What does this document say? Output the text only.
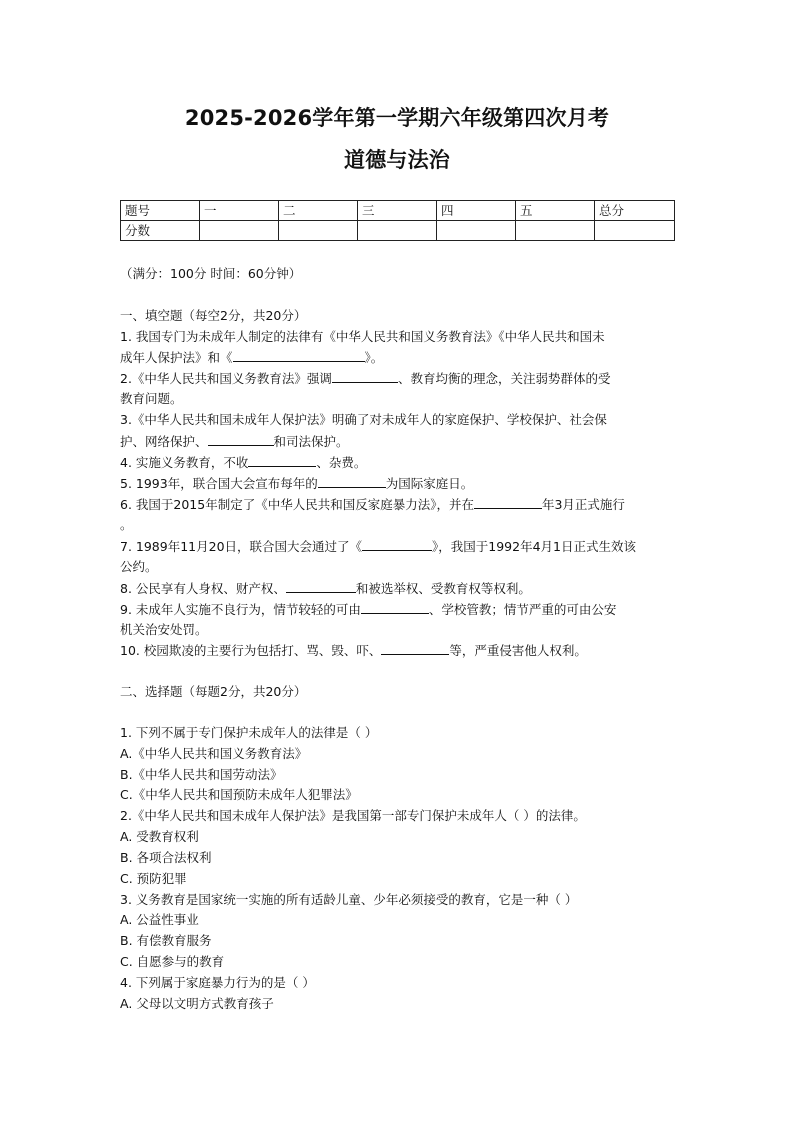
2025-2026学年第一学期六年级第四次月考
道德与法治
题号	一	二	三	四	五	总分
分数						
（满分：100分 时间：60分钟）
一、填空题（每空2分，共20分）
1. 我国专门为未成年人制定的法律有《中华人民共和国义务教育法》《中华人民共和国未
成年人保护法》和《	》。
2.《中华人民共和国义务教育法》强调	、教育均衡的理念，关注弱势群体的受
教育问题。
3.《中华人民共和国未成年人保护法》明确了对未成年人的家庭保护、学校保护、社会保
护、网络保护、	和司法保护。
4. 实施义务教育，不收	、杂费。
5. 1993年，联合国大会宣布每年的	为国际家庭日。
6. 我国于2015年制定了《中华人民共和国反家庭暴力法》，并在	年3月正式施行
。
7. 1989年11月20日，联合国大会通过了《	》，我国于1992年4月1日正式生效该
公约。
8. 公民享有人身权、财产权、	和被选举权、受教育权等权利。
9. 未成年人实施不良行为，情节较轻的可由	、学校管教；情节严重的可由公安
机关治安处罚。
10. 校园欺凌的主要行为包括打、骂、毁、吓、	等，严重侵害他人权利。
二、选择题（每题2分，共20分）
1. 下列不属于专门保护未成年人的法律是（ ）
A.《中华人民共和国义务教育法》
B.《中华人民共和国劳动法》
C.《中华人民共和国预防未成年人犯罪法》
2.《中华人民共和国未成年人保护法》是我国第一部专门保护未成年人（ ）的法律。
A. 受教育权利
B. 各项合法权利
C. 预防犯罪
3. 义务教育是国家统一实施的所有适龄儿童、少年必须接受的教育，它是一种（ ）
A. 公益性事业
B. 有偿教育服务
C. 自愿参与的教育
4. 下列属于家庭暴力行为的是（ ）
A. 父母以文明方式教育孩子
